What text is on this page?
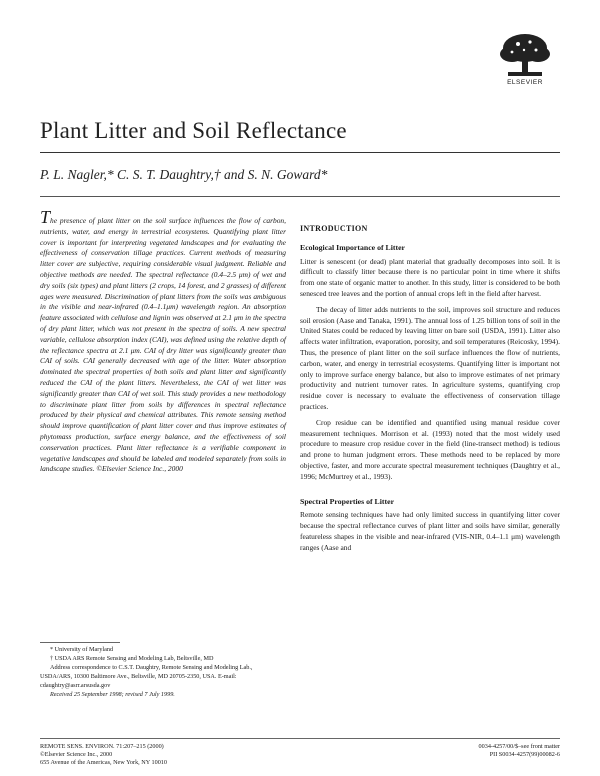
ELSEVIER
Plant Litter and Soil Reflectance
P. L. Nagler,* C. S. T. Daughtry,† and S. N. Goward*

The presence of plant litter on the soil surface influences the flow of carbon, nutrients, water, and energy in terrestrial ecosystems. Quantifying plant litter cover is important for interpreting vegetated landscapes and for evaluating the effectiveness of conservation tillage practices. Current methods of measuring litter cover are subjective, requiring considerable visual judgment. Reliable and objective methods are needed. The spectral reflectance (0.4–2.5 μm) of wet and dry soils (six types) and plant litters (2 crops, 14 forest, and 2 grasses) of different ages were measured. Discrimination of plant litters from the soils was ambiguous in the visible and near-infrared (0.4–1.1μm) wavelength region. An absorption feature associated with cellulose and lignin was observed at 2.1 μm in the spectra of dry plant litter, which was not present in the spectra of soils. A new spectral variable, cellulose absorption index (CAI), was defined using the relative depth of the reflectance spectra at 2.1 μm. CAI of dry litter was significantly greater than CAI of soils. CAI generally decreased with age of the litter. Water absorption dominated the spectral properties of both soils and plant litter and significantly reduced the CAI of the plant litters. Nevertheless, the CAI of wet litter was significantly greater than CAI of wet soil. This study provides a new methodology to discriminate plant litter from soils by differences in spectral reflectance produced by their physical and chemical attributes. This remote sensing method should improve quantification of plant litter cover and thus improve estimates of phytomass production, surface energy balance, and the effectiveness of soil conservation practices. Plant litter reflectance is a verifiable component in vegetative landscapes and should be labeled and modeled separately from soils in landscape studies. ©Elsevier Science Inc., 2000

INTRODUCTION
Ecological Importance of Litter

Litter is senescent (or dead) plant material that gradually decomposes into soil. It is difficult to classify litter because there is no particular point in time where it shifts from one state of organic matter to another. In this study, litter is considered to be both senesced tree leaves and the portion of annual crops left in the field after harvest.

The decay of litter adds nutrients to the soil, improves soil structure and reduces soil erosion (Aase and Tanaka, 1991). The annual loss of 1.25 billion tons of soil in the United States could be reduced by leaving litter on bare soil (USDA, 1991). Litter also affects water infiltration, evaporation, porosity, and soil temperatures (Reicosky, 1994). Thus, the presence of plant litter on the soil surface influences the flow of nutrients, carbon, water, and energy in terrestrial ecosystems. Quantifying litter is important not only to improve surface energy balance, but also to improve estimates of net primary productivity and nutrient turnover rates. In agriculture systems, quantifying crop residue cover is necessary to evaluate the effectiveness of conservation tillage practices.

Crop residue can be identified and quantified using manual residue cover measurement techniques. Morrison et al. (1993) noted that the most widely used procedure to measure crop residue cover in the field (line-transect method) is tedious and prone to human judgment errors. These methods need to be replaced by more objective, faster, and more accurate spectral measurement techniques (Daughtry et al., 1996; McMurtrey et al., 1993).

Spectral Properties of Litter

Remote sensing techniques have had only limited success in quantifying litter cover because the spectral reflectance curves of plant litter and soils have similar, generally featureless shapes in the visible and near-infrared (VIS-NIR, 0.4–1.1 μm) wavelength ranges (Aase and

* University of Maryland
† USDA ARS Remote Sensing and Modeling Lab, Beltsville, MD
Address correspondence to C.S.T. Daughtry, Remote Sensing and Modeling Lab., USDA/ARS, 10300 Baltimore Ave., Beltsville, MD 20705-2350, USA. E-mail: cdaughtry@asrr.arsusda.gov
Received 25 September 1998; revised 7 July 1999.
REMOTE SENS. ENVIRON. 71:207–215 (2000)
©Elsevier Science Inc., 2000
655 Avenue of the Americas, New York, NY 10010
0034-4257/00/$–see front matter
PII S0034-4257(99)00082-6
